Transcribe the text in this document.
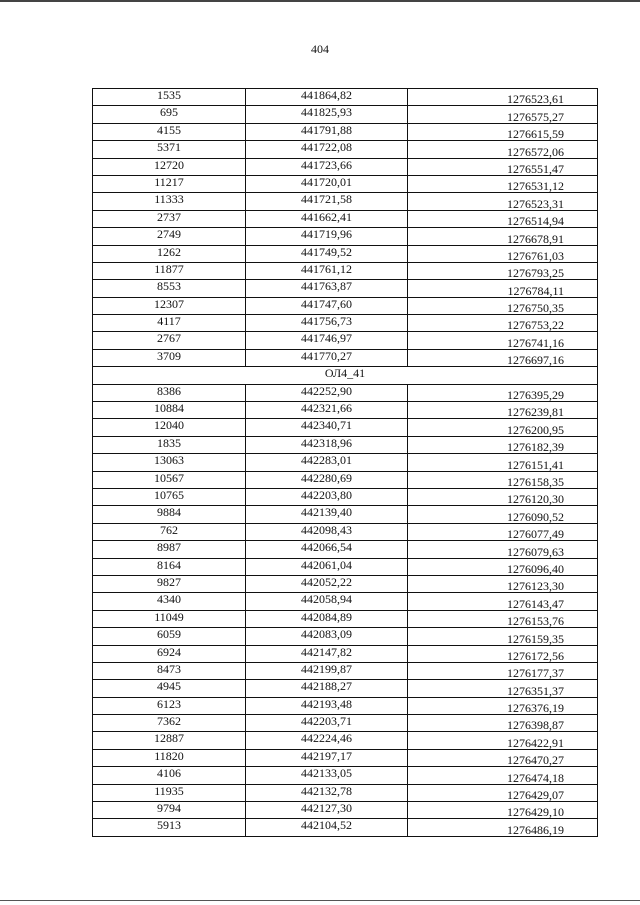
404
1535	441864,82	1276523,61
695	441825,93	1276575,27
4155	441791,88	1276615,59
5371	441722,08	1276572,06
12720	441723,66	1276551,47
11217	441720,01	1276531,12
11333	441721,58	1276523,31
2737	441662,41	1276514,94
2749	441719,96	1276678,91
1262	441749,52	1276761,03
11877	441761,12	1276793,25
8553	441763,87	1276784,11
12307	441747,60	1276750,35
4117	441756,73	1276753,22
2767	441746,97	1276741,16
3709	441770,27	1276697,16
ОЛ4_41		
8386	442252,90	1276395,29
10884	442321,66	1276239,81
12040	442340,71	1276200,95
1835	442318,96	1276182,39
13063	442283,01	1276151,41
10567	442280,69	1276158,35
10765	442203,80	1276120,30
9884	442139,40	1276090,52
762	442098,43	1276077,49
8987	442066,54	1276079,63
8164	442061,04	1276096,40
9827	442052,22	1276123,30
4340	442058,94	1276143,47
11049	442084,89	1276153,76
6059	442083,09	1276159,35
6924	442147,82	1276172,56
8473	442199,87	1276177,37
4945	442188,27	1276351,37
6123	442193,48	1276376,19
7362	442203,71	1276398,87
12887	442224,46	1276422,91
11820	442197,17	1276470,27
4106	442133,05	1276474,18
11935	442132,78	1276429,07
9794	442127,30	1276429,10
5913	442104,52	1276486,19
